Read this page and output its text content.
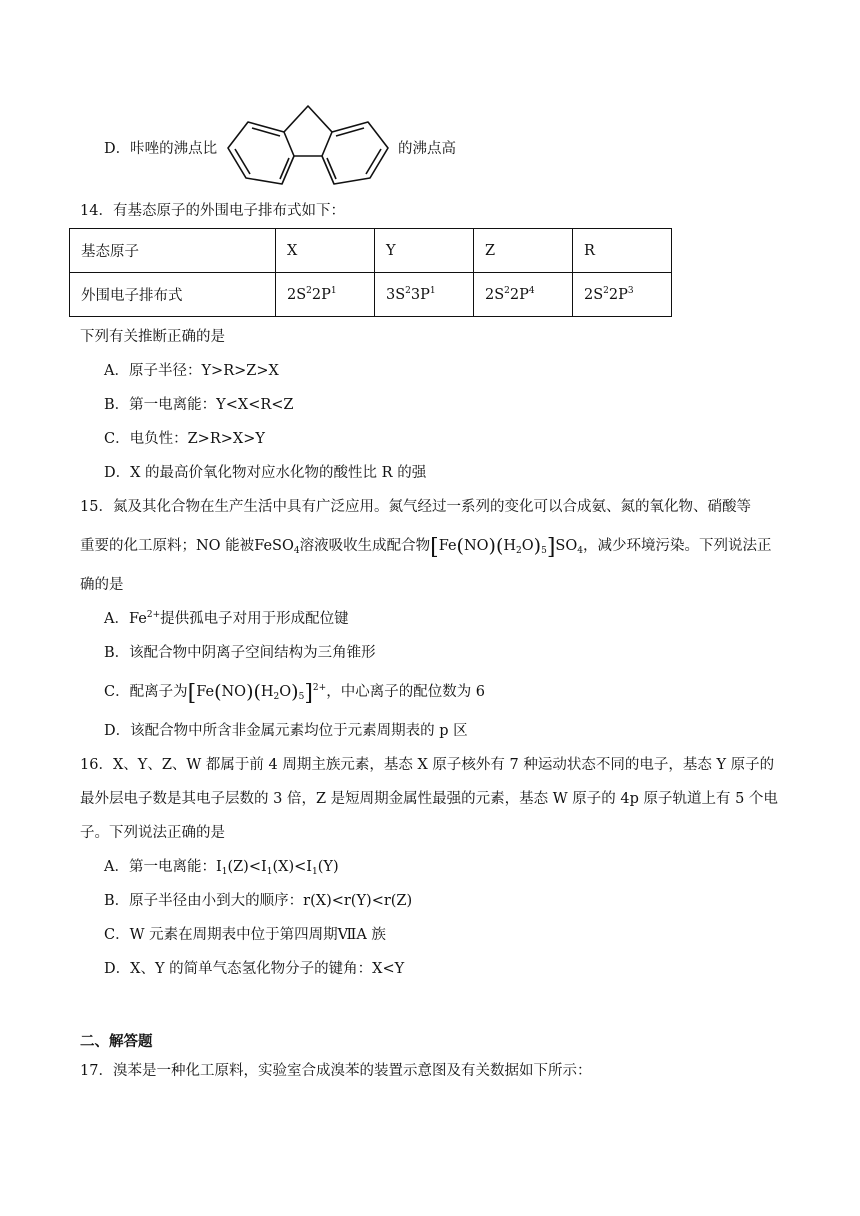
D．咔唑的沸点比	的沸点高
14．有基态原子的外围电子排布式如下：
基态原子	X	Y	Z	R
外围电子排布式	$2S^22P^1$	$3S^23P^1$	$2S^22P^4$	$2S^22P^3$
下列有关推断正确的是
A．原子半径：Y>R>Z>X
B．第一电离能：Y<X<R<Z
C．电负性：Z>R>X>Y
D．X 的最高价氧化物对应水化物的酸性比 R 的强
15．氮及其化合物在生产生活中具有广泛应用。氮气经过一系列的变化可以合成氨、氮的氧化物、硝酸等
重要的化工原料；NO 能被FeSO$_4$溶液吸收生成配合物$[Fe(NO)(H_2O)_5]SO_4$，减少环境污染。下列说法正
确的是
A．$Fe^{2+}$提供孤电子对用于形成配位键
B．该配合物中阴离子空间结构为三角锥形
C．配离子为$[Fe(NO)(H_2O)_5]^{2+}$，中心离子的配位数为 6
D．该配合物中所含非金属元素均位于元素周期表的 p 区
16．X、Y、Z、W 都属于前 4 周期主族元素，基态 X 原子核外有 7 种运动状态不同的电子，基态 Y 原子的
最外层电子数是其电子层数的 3 倍，Z 是短周期金属性最强的元素，基态 W 原子的 4p 原子轨道上有 5 个电
子。下列说法正确的是
A．第一电离能：$I_1(Z)<I_1(X)<I_1(Y)$
B．原子半径由小到大的顺序：r(X)<r(Y)<r(Z)
C．W 元素在周期表中位于第四周期ⅦA 族
D．X、Y 的简单气态氢化物分子的键角：X<Y
二、解答题
17．溴苯是一种化工原料，实验室合成溴苯的装置示意图及有关数据如下所示：
